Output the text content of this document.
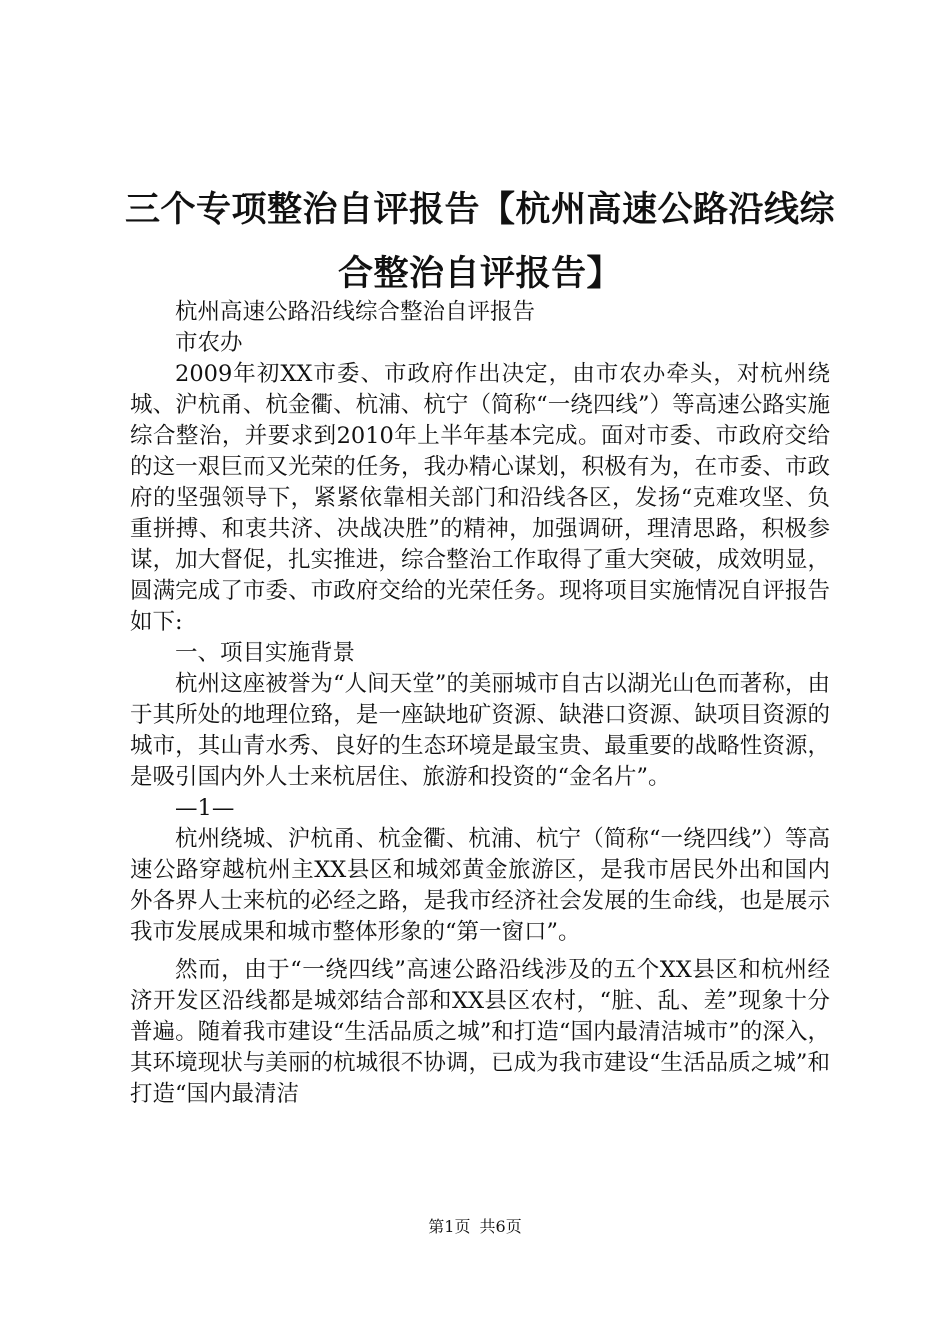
三个专项整治自评报告【杭州高速公路沿线综
合整治自评报告】

杭州高速公路沿线综合整治自评报告

市农办

2009年初XX市委、市政府作出决定，由市农办牵头，对杭州绕城、沪杭甬、杭金衢、杭浦、杭宁（简称“一绕四线”）等高速公路实施综合整治，并要求到2010年上半年基本完成。面对市委、市政府交给的这一艰巨而又光荣的任务，我办精心谋划，积极有为，在市委、市政府的坚强领导下，紧紧依靠相关部门和沿线各区，发扬“克难攻坚、负重拼搏、和衷共济、决战决胜”的精神，加强调研，理清思路，积极参谋，加大督促，扎实推进，综合整治工作取得了重大突破，成效明显，圆满完成了市委、市政府交给的光荣任务。现将项目实施情况自评报告如下:

一、项目实施背景

杭州这座被誉为“人间天堂”的美丽城市自古以湖光山色而著称，由于其所处的地理位臵，是一座缺地矿资源、缺港口资源、缺项目资源的城市，其山青水秀、良好的生态环境是最宝贵、最重要的战略性资源，是吸引国内外人士来杭居住、旅游和投资的“金名片”。

—1—

杭州绕城、沪杭甬、杭金衢、杭浦、杭宁（简称“一绕四线”）等高速公路穿越杭州主XX县区和城郊黄金旅游区，是我市居民外出和国内外各界人士来杭的必经之路，是我市经济社会发展的生命线，也是展示我市发展成果和城市整体形象的“第一窗口”。

然而，由于“一绕四线”高速公路沿线涉及的五个XX县区和杭州经济开发区沿线都是城郊结合部和XX县区农村，“脏、乱、差”现象十分普遍。随着我市建设“生活品质之城”和打造“国内最清洁城市”的深入，其环境现状与美丽的杭城很不协调，已成为我市建设“生活品质之城”和打造“国内最清洁

第1页 共6页
